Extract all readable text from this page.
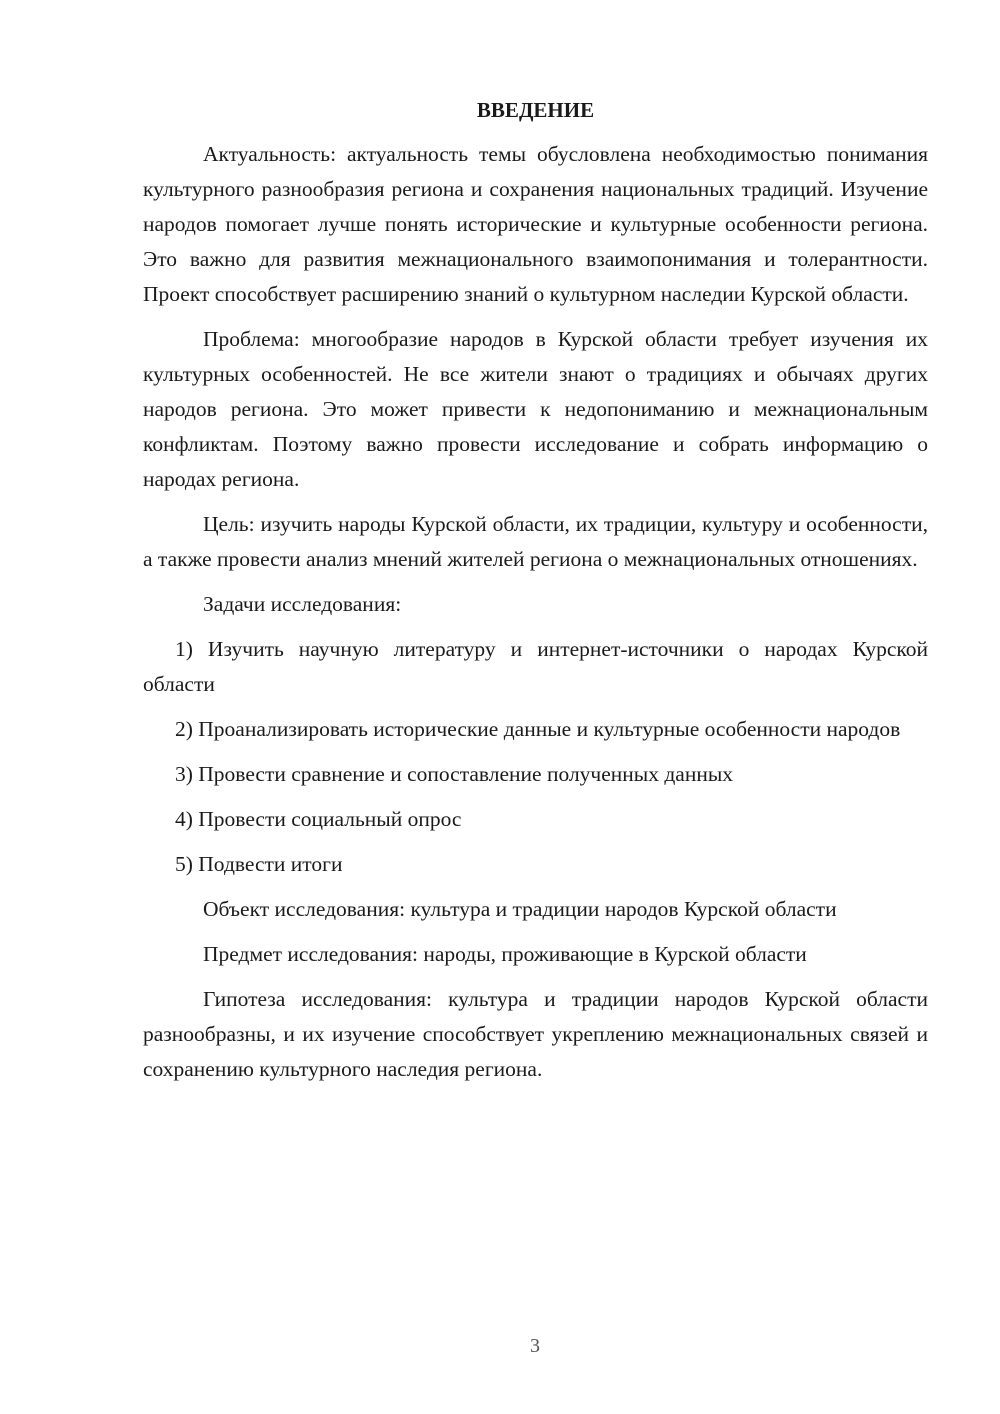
ВВЕДЕНИЕ

Актуальность: актуальность темы обусловлена необходимостью понимания культурного разнообразия региона и сохранения национальных традиций. Изучение народов помогает лучше понять исторические и культурные особенности региона. Это важно для развития межнационального взаимопонимания и толерантности. Проект способствует расширению знаний о культурном наследии Курской области.

Проблема: многообразие народов в Курской области требует изучения их культурных особенностей. Не все жители знают о традициях и обычаях других народов региона. Это может привести к недопониманию и межнациональным конфликтам. Поэтому важно провести исследование и собрать информацию о народах региона.

Цель: изучить народы Курской области, их традиции, культуру и особенности, а также провести анализ мнений жителей региона о межнациональных отношениях.

Задачи исследования:

1) Изучить научную литературу и интернет-источники о народах Курской области
2) Проанализировать исторические данные и культурные особенности народов
3) Провести сравнение и сопоставление полученных данных
4) Провести социальный опрос
5) Подвести итоги

Объект исследования: культура и традиции народов Курской области

Предмет исследования: народы, проживающие в Курской области

Гипотеза исследования: культура и традиции народов Курской области разнообразны, и их изучение способствует укреплению межнациональных связей и сохранению культурного наследия региона.

3
